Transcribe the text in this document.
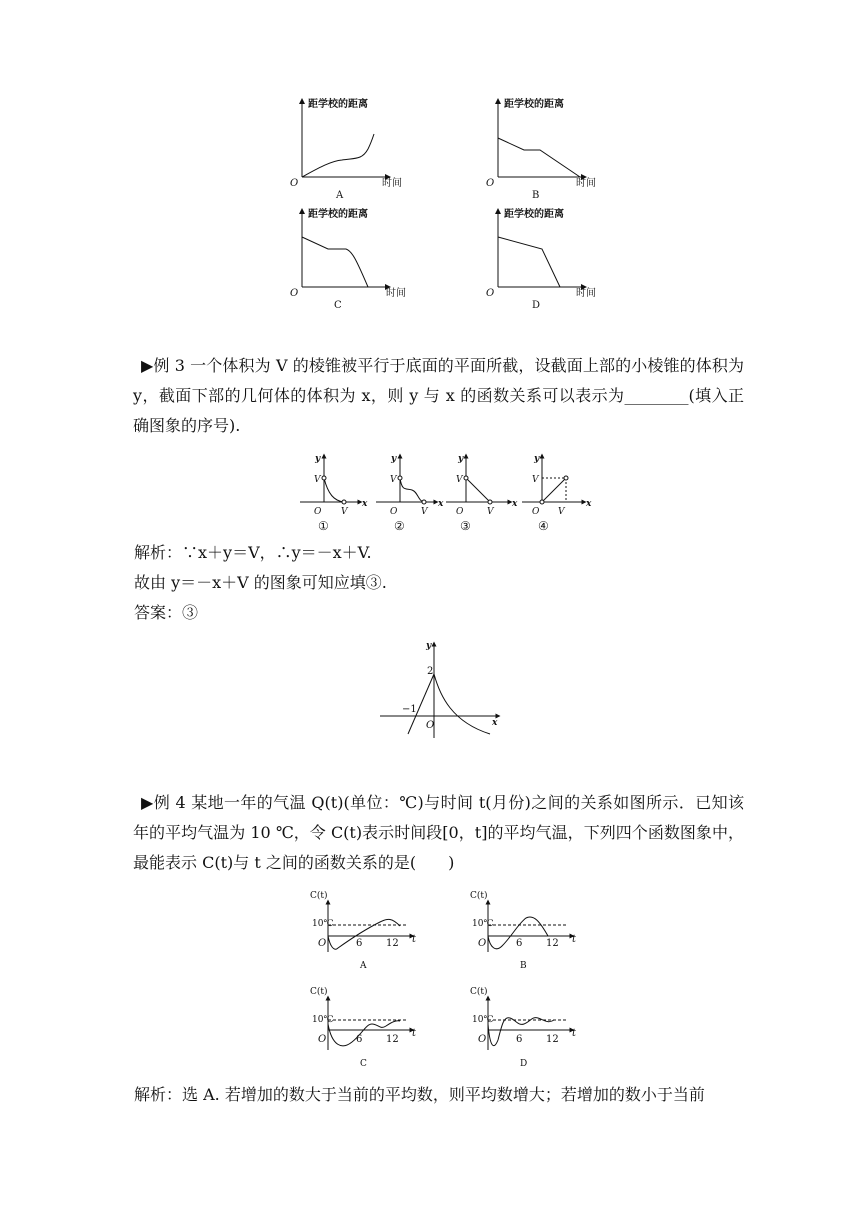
距学校的距离
O	时间
A
距学校的距离
O	时间
B
距学校的距离
O	时间
C
距学校的距离
O	时间
D

▶例 3 一个体积为 V 的棱锥被平行于底面的平面所截，设截面上部的小棱锥的体积为 y，截面下部的几何体的体积为 x，则 y 与 x 的函数关系可以表示为________(填入正确图象的序号).

y
V
O V
x
①
y
V
O	V
x
②
y
V
O	V
x
③
y
V
O V
x
④

解析：∵x＋y＝V，∴y＝－x＋V.

故由 y＝－x＋V 的图象可知应填③.

答案：③

y
2
−1
O	x

▶例 4 某地一年的气温 Q(t)(单位：℃)与时间 t(月份)之间的关系如图所示．已知该年的平均气温为 10 ℃，令 C(t)表示时间段[0，t]的平均气温，下列四个函数图象中，最能表示 C(t)与 t 之间的函数关系的是(　　)

C(t)
10℃
O	6 12 t
A
C(t)
10℃
O	6 12 t
B
C(t)
10℃
O	6 12
t
C
C(t)
10℃
O	6 12
t
D

解析：选 A. 若增加的数大于当前的平均数，则平均数增大；若增加的数小于当前
